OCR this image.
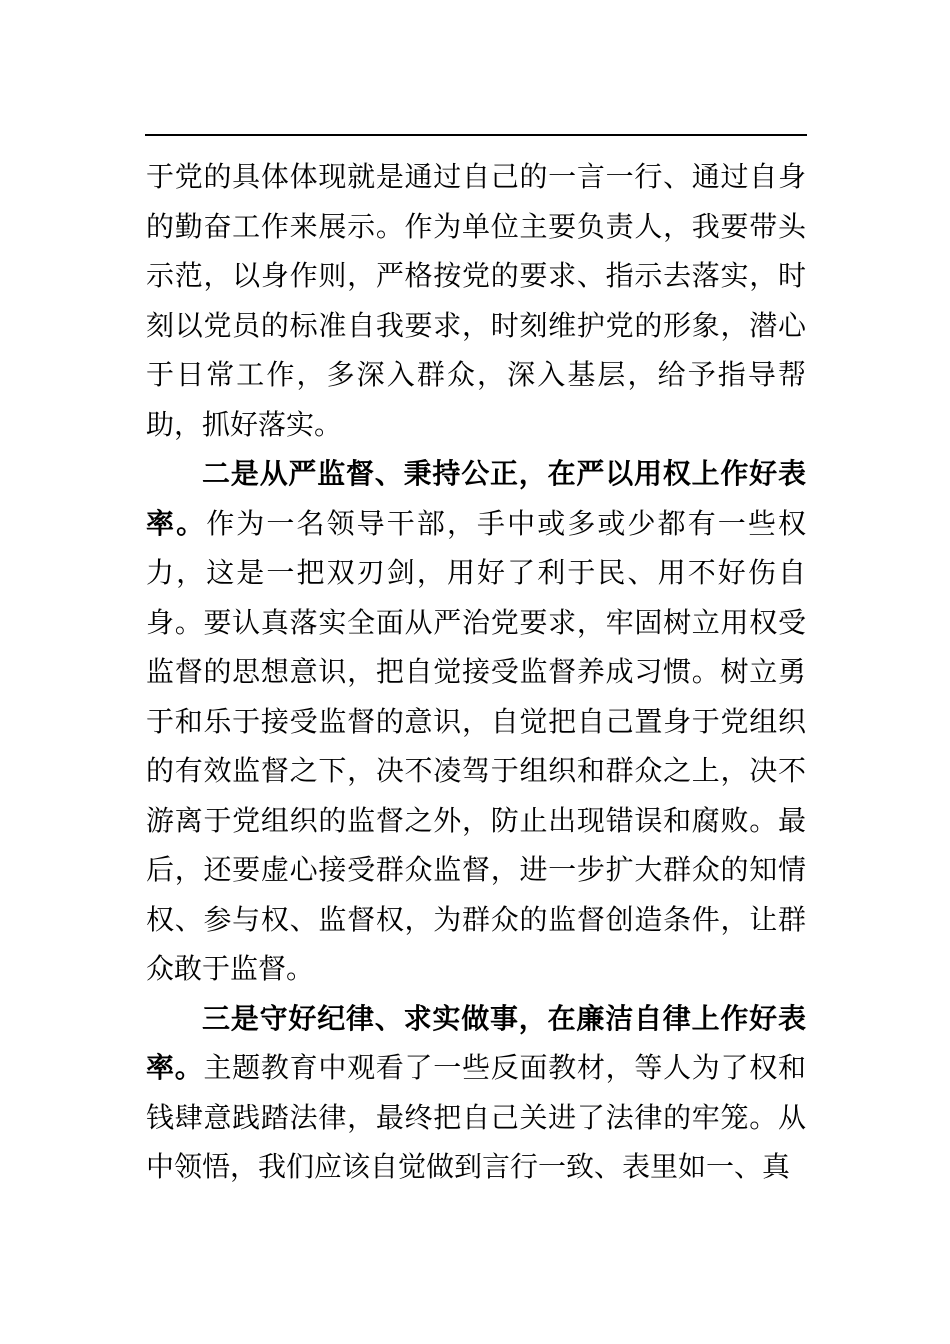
于党的具体体现就是通过自己的一言一行、通过自身的勤奋工作来展示。作为单位主要负责人，我要带头示范，以身作则，严格按党的要求、指示去落实，时刻以党员的标准自我要求，时刻维护党的形象，潜心于日常工作，多深入群众，深入基层，给予指导帮助，抓好落实。

二是从严监督、秉持公正，在严以用权上作好表率。作为一名领导干部，手中或多或少都有一些权力，这是一把双刃剑，用好了利于民、用不好伤自身。要认真落实全面从严治党要求，牢固树立用权受监督的思想意识，把自觉接受监督养成习惯。树立勇于和乐于接受监督的意识，自觉把自己置身于党组织的有效监督之下，决不凌驾于组织和群众之上，决不游离于党组织的监督之外，防止出现错误和腐败。最后，还要虚心接受群众监督，进一步扩大群众的知情权、参与权、监督权，为群众的监督创造条件，让群众敢于监督。

三是守好纪律、求实做事，在廉洁自律上作好表率。主题教育中观看了一些反面教材，等人为了权和钱肆意践踏法律，最终把自己关进了法律的牢笼。从中领悟，我们应该自觉做到言行一致、表里如一、真
